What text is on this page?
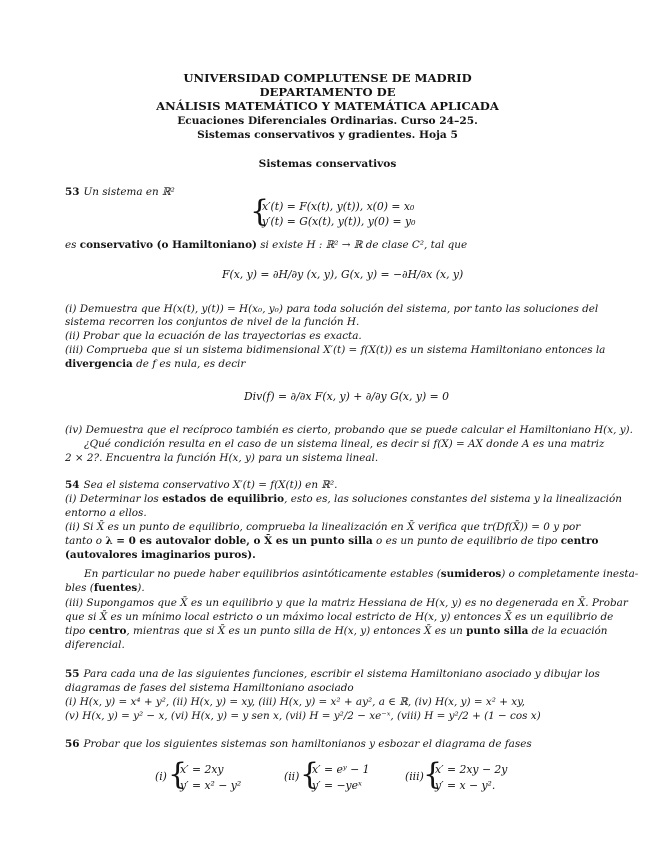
UNIVERSIDAD COMPLUTENSE DE MADRID
DEPARTAMENTO DE
ANÁLISIS MATEMÁTICO Y MATEMÁTICA APLICADA
Ecuaciones Diferenciales Ordinarias. Curso 24–25.
Sistemas conservativos y gradientes. Hoja 5
Sistemas conservativos
53 Un sistema en ℝ²
{
x′(t) = F(x(t), y(t)), x(0) = x₀
y′(t) = G(x(t), y(t)), y(0) = y₀
es conservativo (o Hamiltoniano) si existe H : ℝ² → ℝ de clase C², tal que
F(x, y) = ∂H/∂y (x, y), G(x, y) = −∂H/∂x (x, y)
(i) Demuestra que H(x(t), y(t)) = H(x₀, y₀) para toda solución del sistema, por tanto las soluciones del
sistema recorren los conjuntos de nivel de la función H.
(ii) Probar que la ecuación de las trayectorias es exacta.
(iii) Comprueba que si un sistema bidimensional X′(t) = f(X(t)) es un sistema Hamiltoniano entonces la
divergencia de f es nula, es decir
Div(f) = ∂/∂x F(x, y) + ∂/∂y G(x, y) = 0
(iv) Demuestra que el recíproco también es cierto, probando que se puede calcular el Hamiltoniano H(x, y).
¿Qué condición resulta en el caso de un sistema lineal, es decir si f(X) = AX donde A es una matriz
2 × 2?. Encuentra la función H(x, y) para un sistema lineal.
54 Sea el sistema conservativo X′(t) = f(X(t)) en ℝ².
(i) Determinar los estados de equilibrio, esto es, las soluciones constantes del sistema y la linealización
entorno a ellos.
(ii) Si X̄ es un punto de equilibrio, comprueba la linealización en X̄ verifica que tr(Df(X̄)) = 0 y por
tanto o λ = 0 es autovalor doble, o X̄ es un punto silla o es un punto de equilibrio de tipo centro
(autovalores imaginarios puros).
En particular no puede haber equilibrios asintóticamente estables (sumideros) o completamente inesta-
bles (fuentes).
(iii) Supongamos que X̄ es un equilibrio y que la matriz Hessiana de H(x, y) es no degenerada en X̄. Probar
que si X̄ es un mínimo local estricto o un máximo local estricto de H(x, y) entonces X̄ es un equilibrio de
tipo centro, mientras que si X̄ es un punto silla de H(x, y) entonces X̄ es un punto silla de la ecuación
diferencial.
55 Para cada una de las siguientes funciones, escribir el sistema Hamiltoniano asociado y dibujar los
diagramas de fases del sistema Hamiltoniano asociado
(i) H(x, y) = x⁴ + y², (ii) H(x, y) = xy, (iii) H(x, y) = x² + ay², a ∈ ℝ, (iv) H(x, y) = x² + xy,
(v) H(x, y) = y² − x, (vi) H(x, y) = y sen x, (vii) H = y²/2 − xe⁻ˣ, (viii) H = y²/2 + (1 − cos x)
56 Probar que los siguientes sistemas son hamiltonianos y esbozar el diagrama de fases
(i) {
x′ = 2xy
y′ = x² − y²
(ii) {
x′ = eʸ − 1
y′ = −yeˣ
(iii) {
x′ = 2xy − 2y
y′ = x − y².
